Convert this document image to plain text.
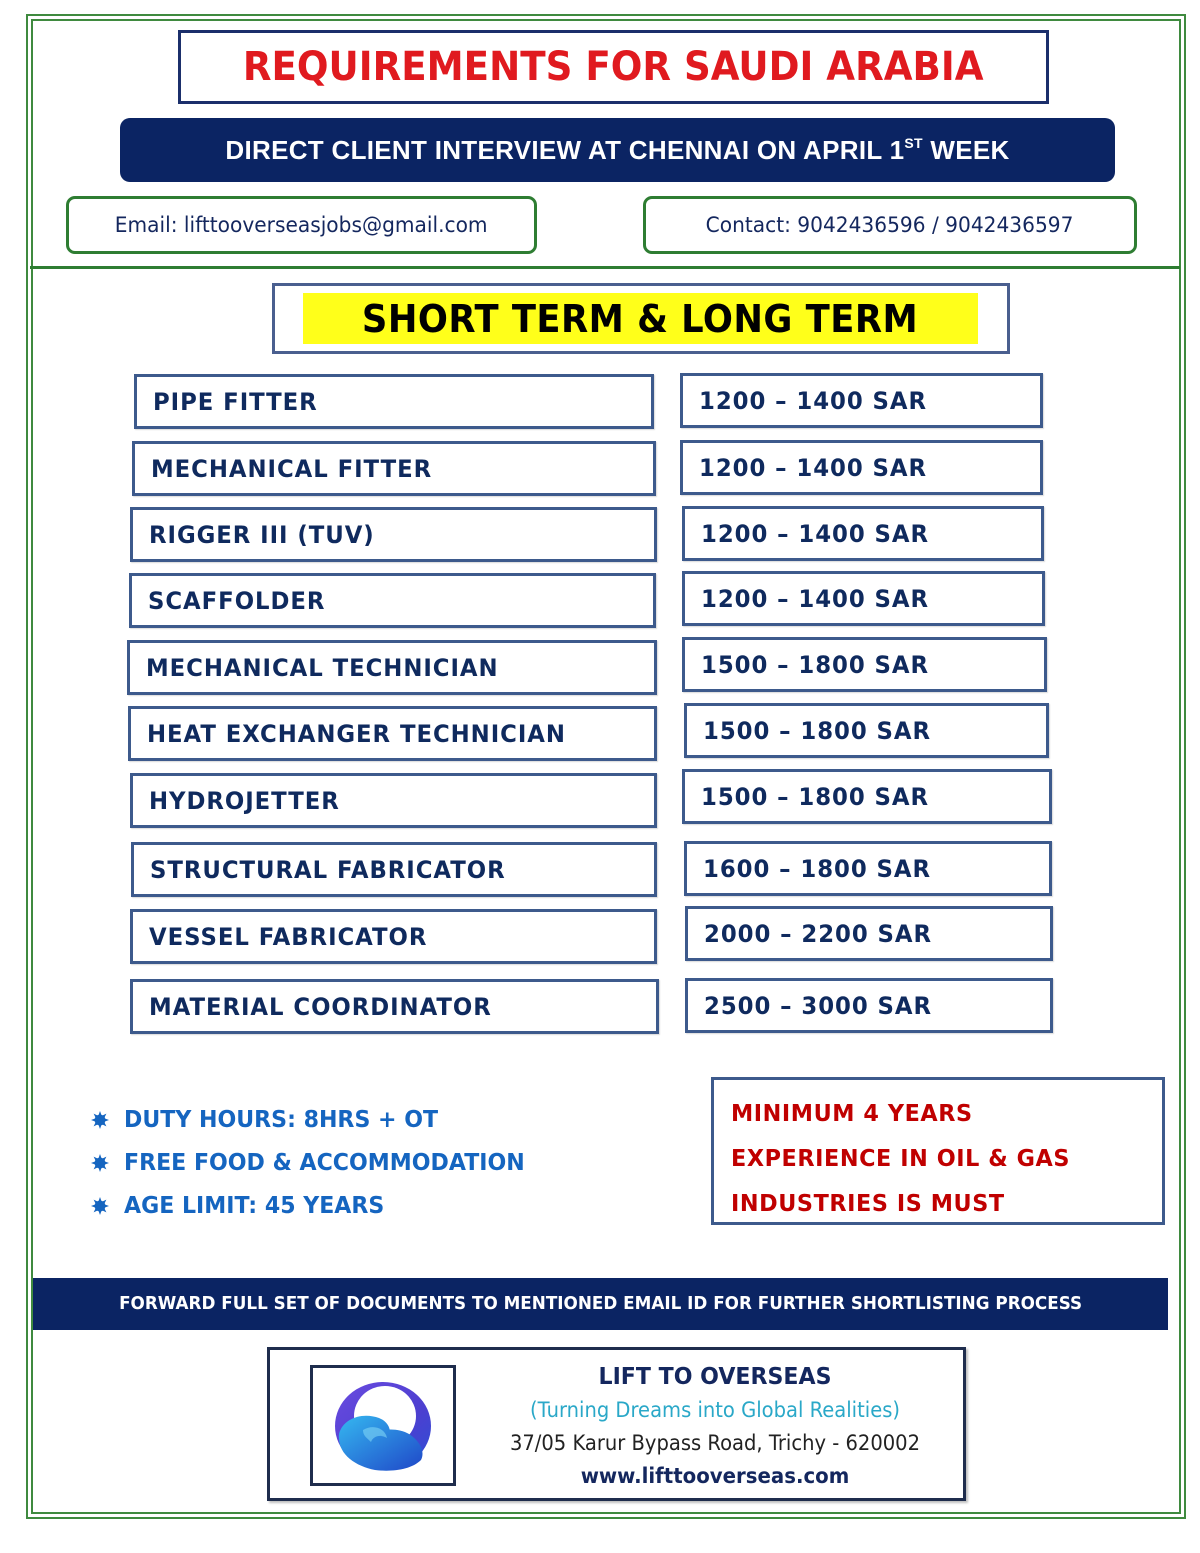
REQUIREMENTS FOR SAUDI ARABIA
DIRECT CLIENT INTERVIEW AT CHENNAI ON APRIL 1ST WEEK
Email: lifttooverseasjobs@gmail.com	Contact: 9042436596 / 9042436597
SHORT TERM & LONG TERM
PIPE FITTER	1200 – 1400 SAR
MECHANICAL FITTER	1200 – 1400 SAR
RIGGER III (TUV)	1200 – 1400 SAR
SCAFFOLDER	1200 – 1400 SAR
MECHANICAL TECHNICIAN	1500 – 1800 SAR
HEAT EXCHANGER TECHNICIAN	1500 – 1800 SAR
HYDROJETTER	1500 – 1800 SAR
STRUCTURAL FABRICATOR	1600 – 1800 SAR
VESSEL FABRICATOR	2000 – 2200 SAR
MATERIAL COORDINATOR	2500 – 3000 SAR
DUTY HOURS: 8HRS + OT
FREE FOOD & ACCOMMODATION
AGE LIMIT: 45 YEARS
MINIMUM 4 YEARS
EXPERIENCE IN OIL & GAS
INDUSTRIES IS MUST
FORWARD FULL SET OF DOCUMENTS TO MENTIONED EMAIL ID FOR FURTHER SHORTLISTING PROCESS
LIFT TO OVERSEAS
(Turning Dreams into Global Realities)
37/05 Karur Bypass Road, Trichy - 620002
www.lifttooverseas.com
